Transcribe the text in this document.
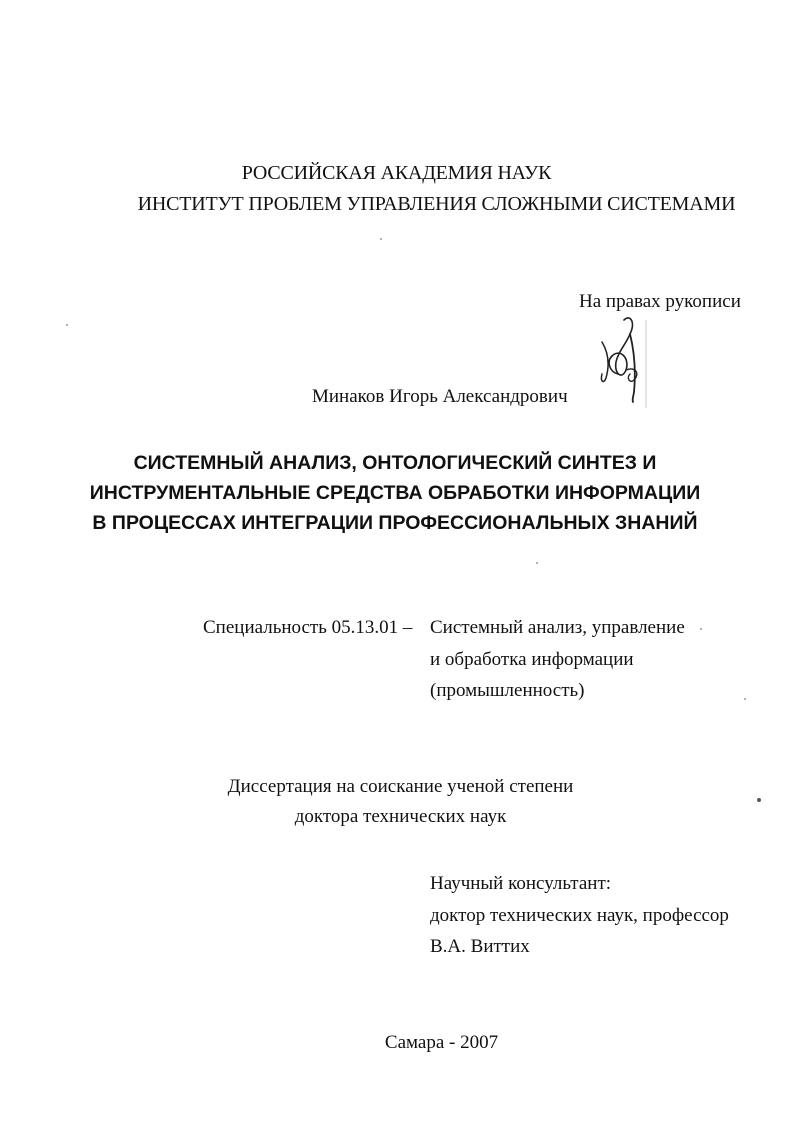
РОССИЙСКАЯ АКАДЕМИЯ НАУК
ИНСТИТУТ ПРОБЛЕМ УПРАВЛЕНИЯ СЛОЖНЫМИ СИСТЕМАМИ
На правах рукописи
Минаков Игорь Александрович
СИСТЕМНЫЙ АНАЛИЗ, ОНТОЛОГИЧЕСКИЙ СИНТЕЗ И
ИНСТРУМЕНТАЛЬНЫЕ СРЕДСТВА ОБРАБОТКИ ИНФОРМАЦИИ
В ПРОЦЕССАХ ИНТЕГРАЦИИ ПРОФЕССИОНАЛЬНЫХ ЗНАНИЙ
Специальность 05.13.01 – Системный анализ, управление
и обработка информации
(промышленность)
Диссертация на соискание ученой степени
доктора технических наук
Научный консультант:
доктор технических наук, профессор
В.А. Виттих
Самара - 2007
